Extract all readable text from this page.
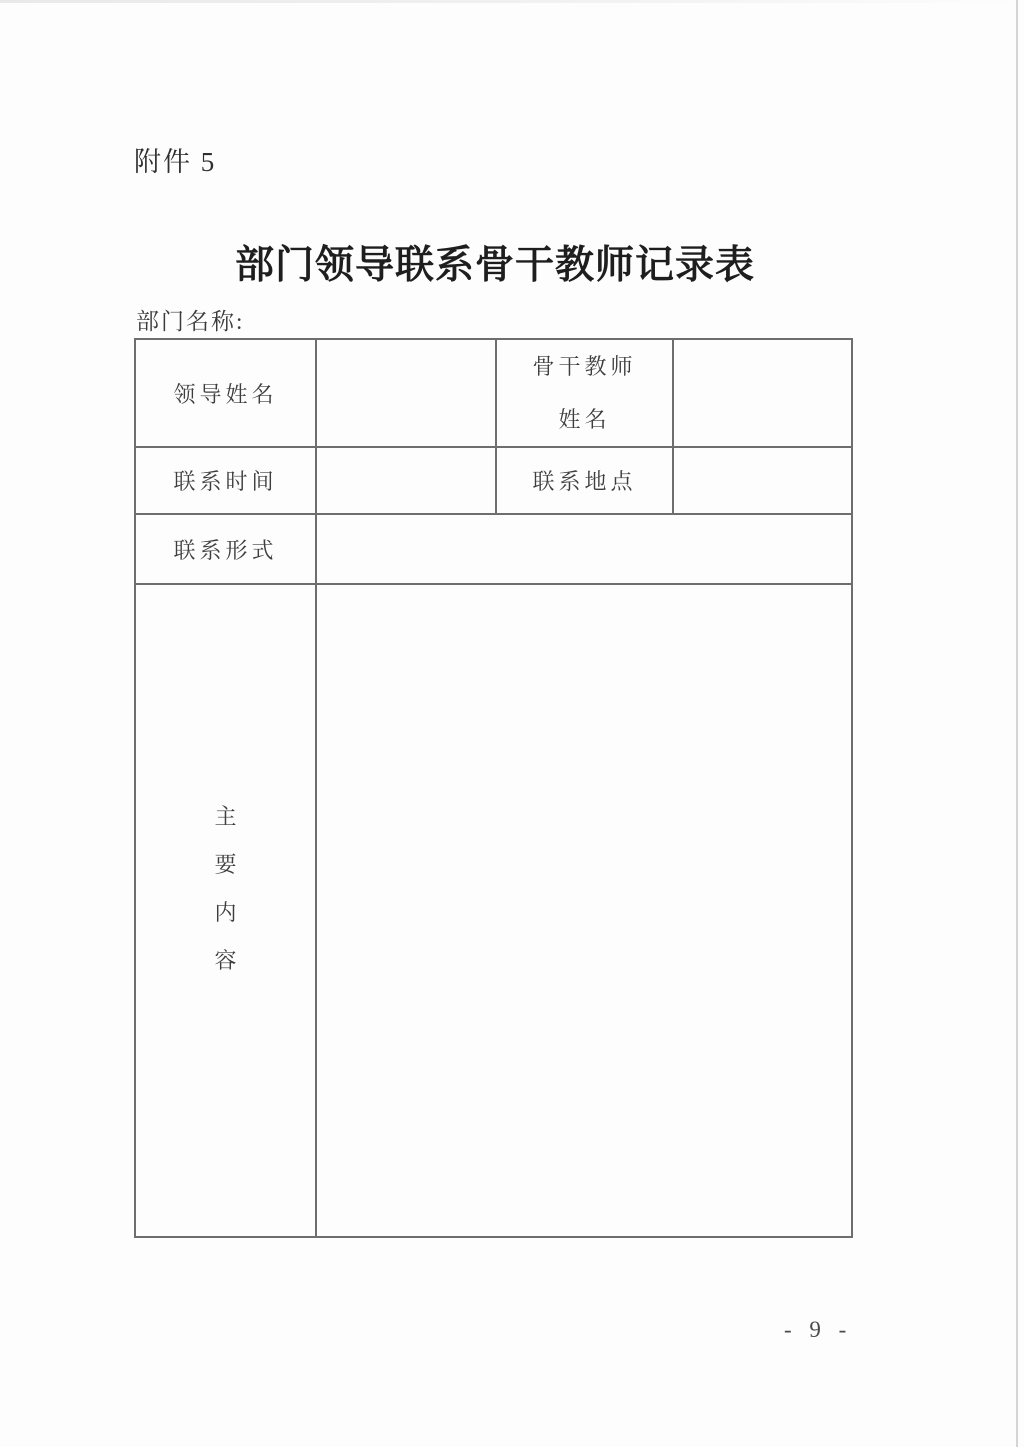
附件 5
部门领导联系骨干教师记录表
部门名称:
领导姓名		骨干教师
姓名	

联系时间		联系地点	
联系形式			

主
要
内
容			

- 9 -
